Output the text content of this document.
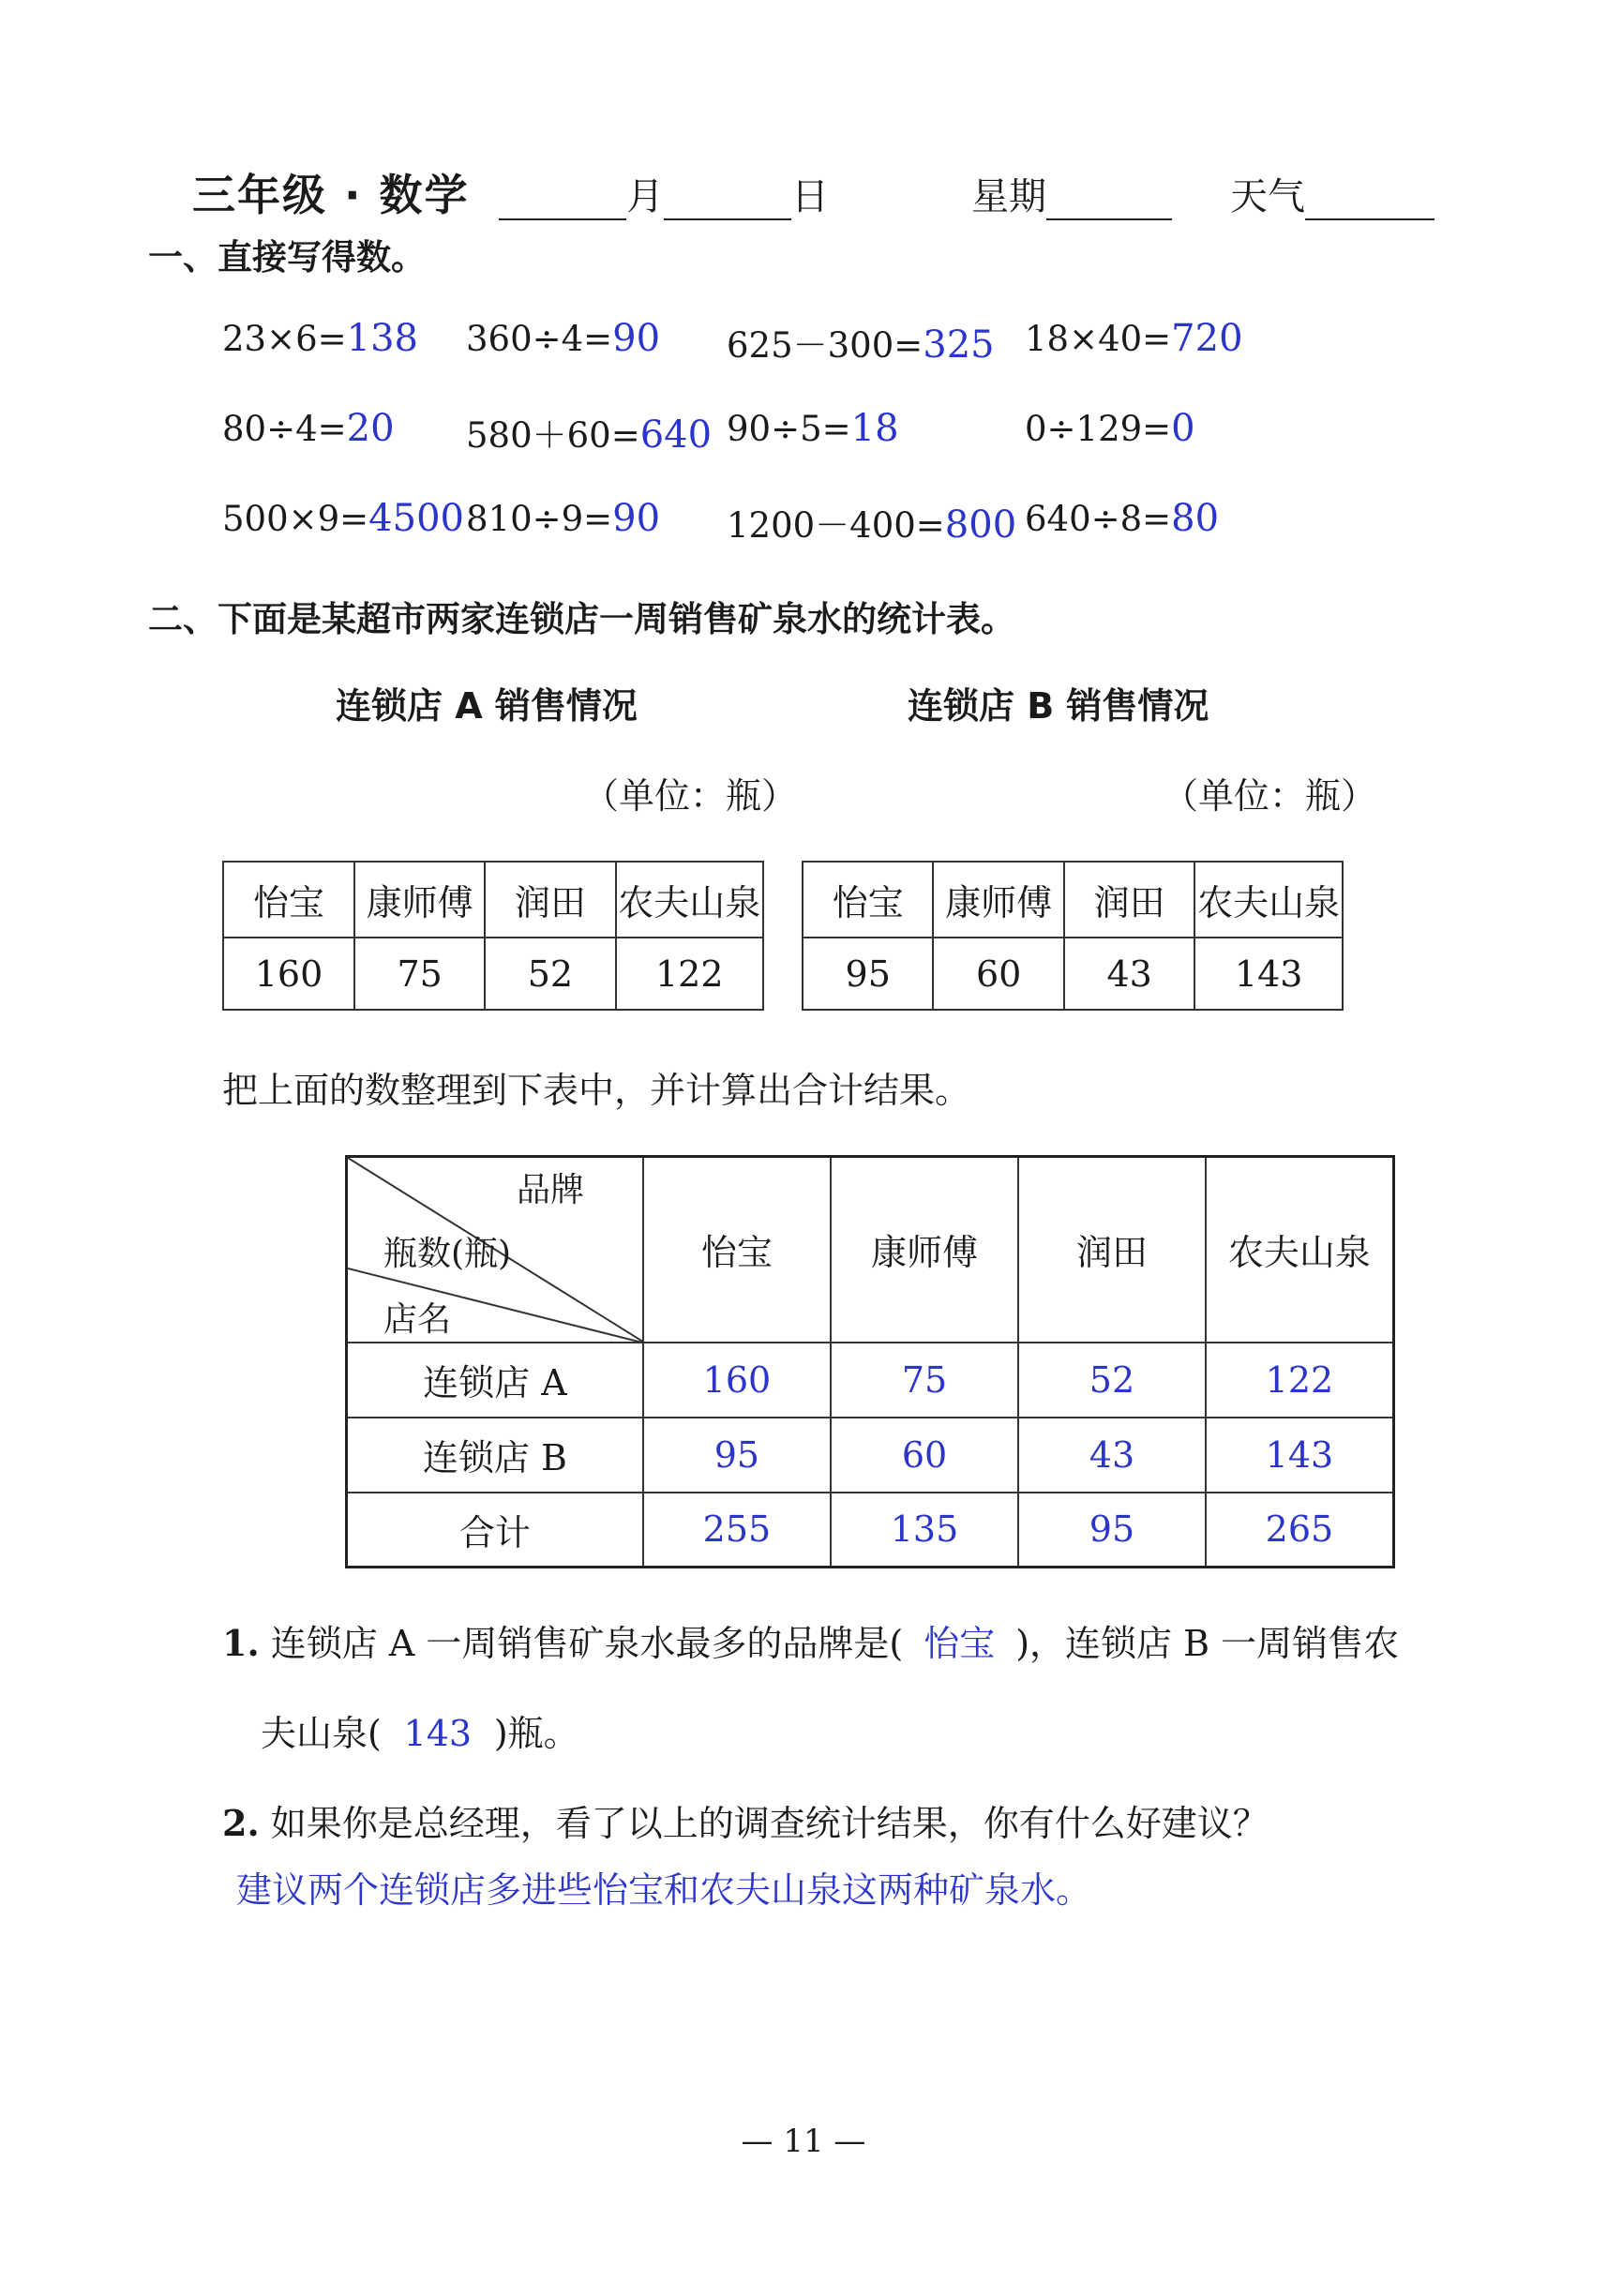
三年级 · 数学	月	日	星期	天气
一、直接写得数。
23×6=138 360÷4=90 625－300=325 18×40=720
80÷4=20 580＋60=640 90÷5=18	0÷129=0
500×9=4500 810÷9=90 1200－400=800 640÷8=80
二、下面是某超市两家连锁店一周销售矿泉水的统计表。
连锁店 A 销售情况	连锁店 B 销售情况
（单位：瓶）	（单位：瓶）
怡宝	康师傅	润田	农夫山泉
160	75	52	122
怡宝	康师傅	润田	农夫山泉
95	60	43	143
把上面的数整理到下表中，并计算出合计结果。
品牌
瓶数(瓶)
店名	怡宝	康师傅	润田	农夫山泉
连锁店 A	160	75	52	122
连锁店 B	95	60	43	143
合计	255	135	95	265
1. 连锁店 A 一周销售矿泉水最多的品牌是( 怡宝 )，连锁店 B 一周销售农
夫山泉( 143 )瓶。
2. 如果你是总经理，看了以上的调查统计结果，你有什么好建议？
建议两个连锁店多进些怡宝和农夫山泉这两种矿泉水。
— 11 —
